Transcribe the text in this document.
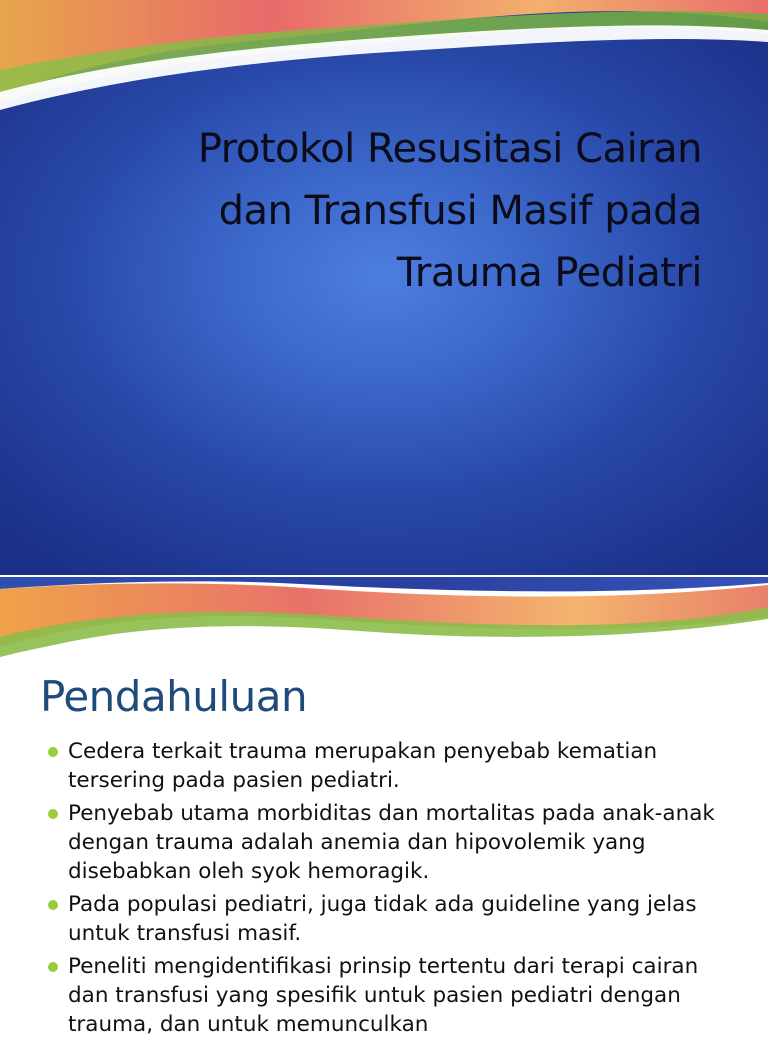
Protokol Resusitasi Cairan
dan Transfusi Masif pada
Trauma Pediatri
Pendahuluan
Cedera terkait trauma merupakan penyebab kematian tersering pada pasien pediatri.
Penyebab utama morbiditas dan mortalitas pada anak-anak dengan trauma adalah anemia dan hipovolemik yang disebabkan oleh syok hemoragik.
Pada populasi pediatri, juga tidak ada guideline yang jelas untuk transfusi masif.
Peneliti mengidentifikasi prinsip tertentu dari terapi cairan dan transfusi yang spesifik untuk pasien pediatri dengan trauma, dan untuk memunculkan
